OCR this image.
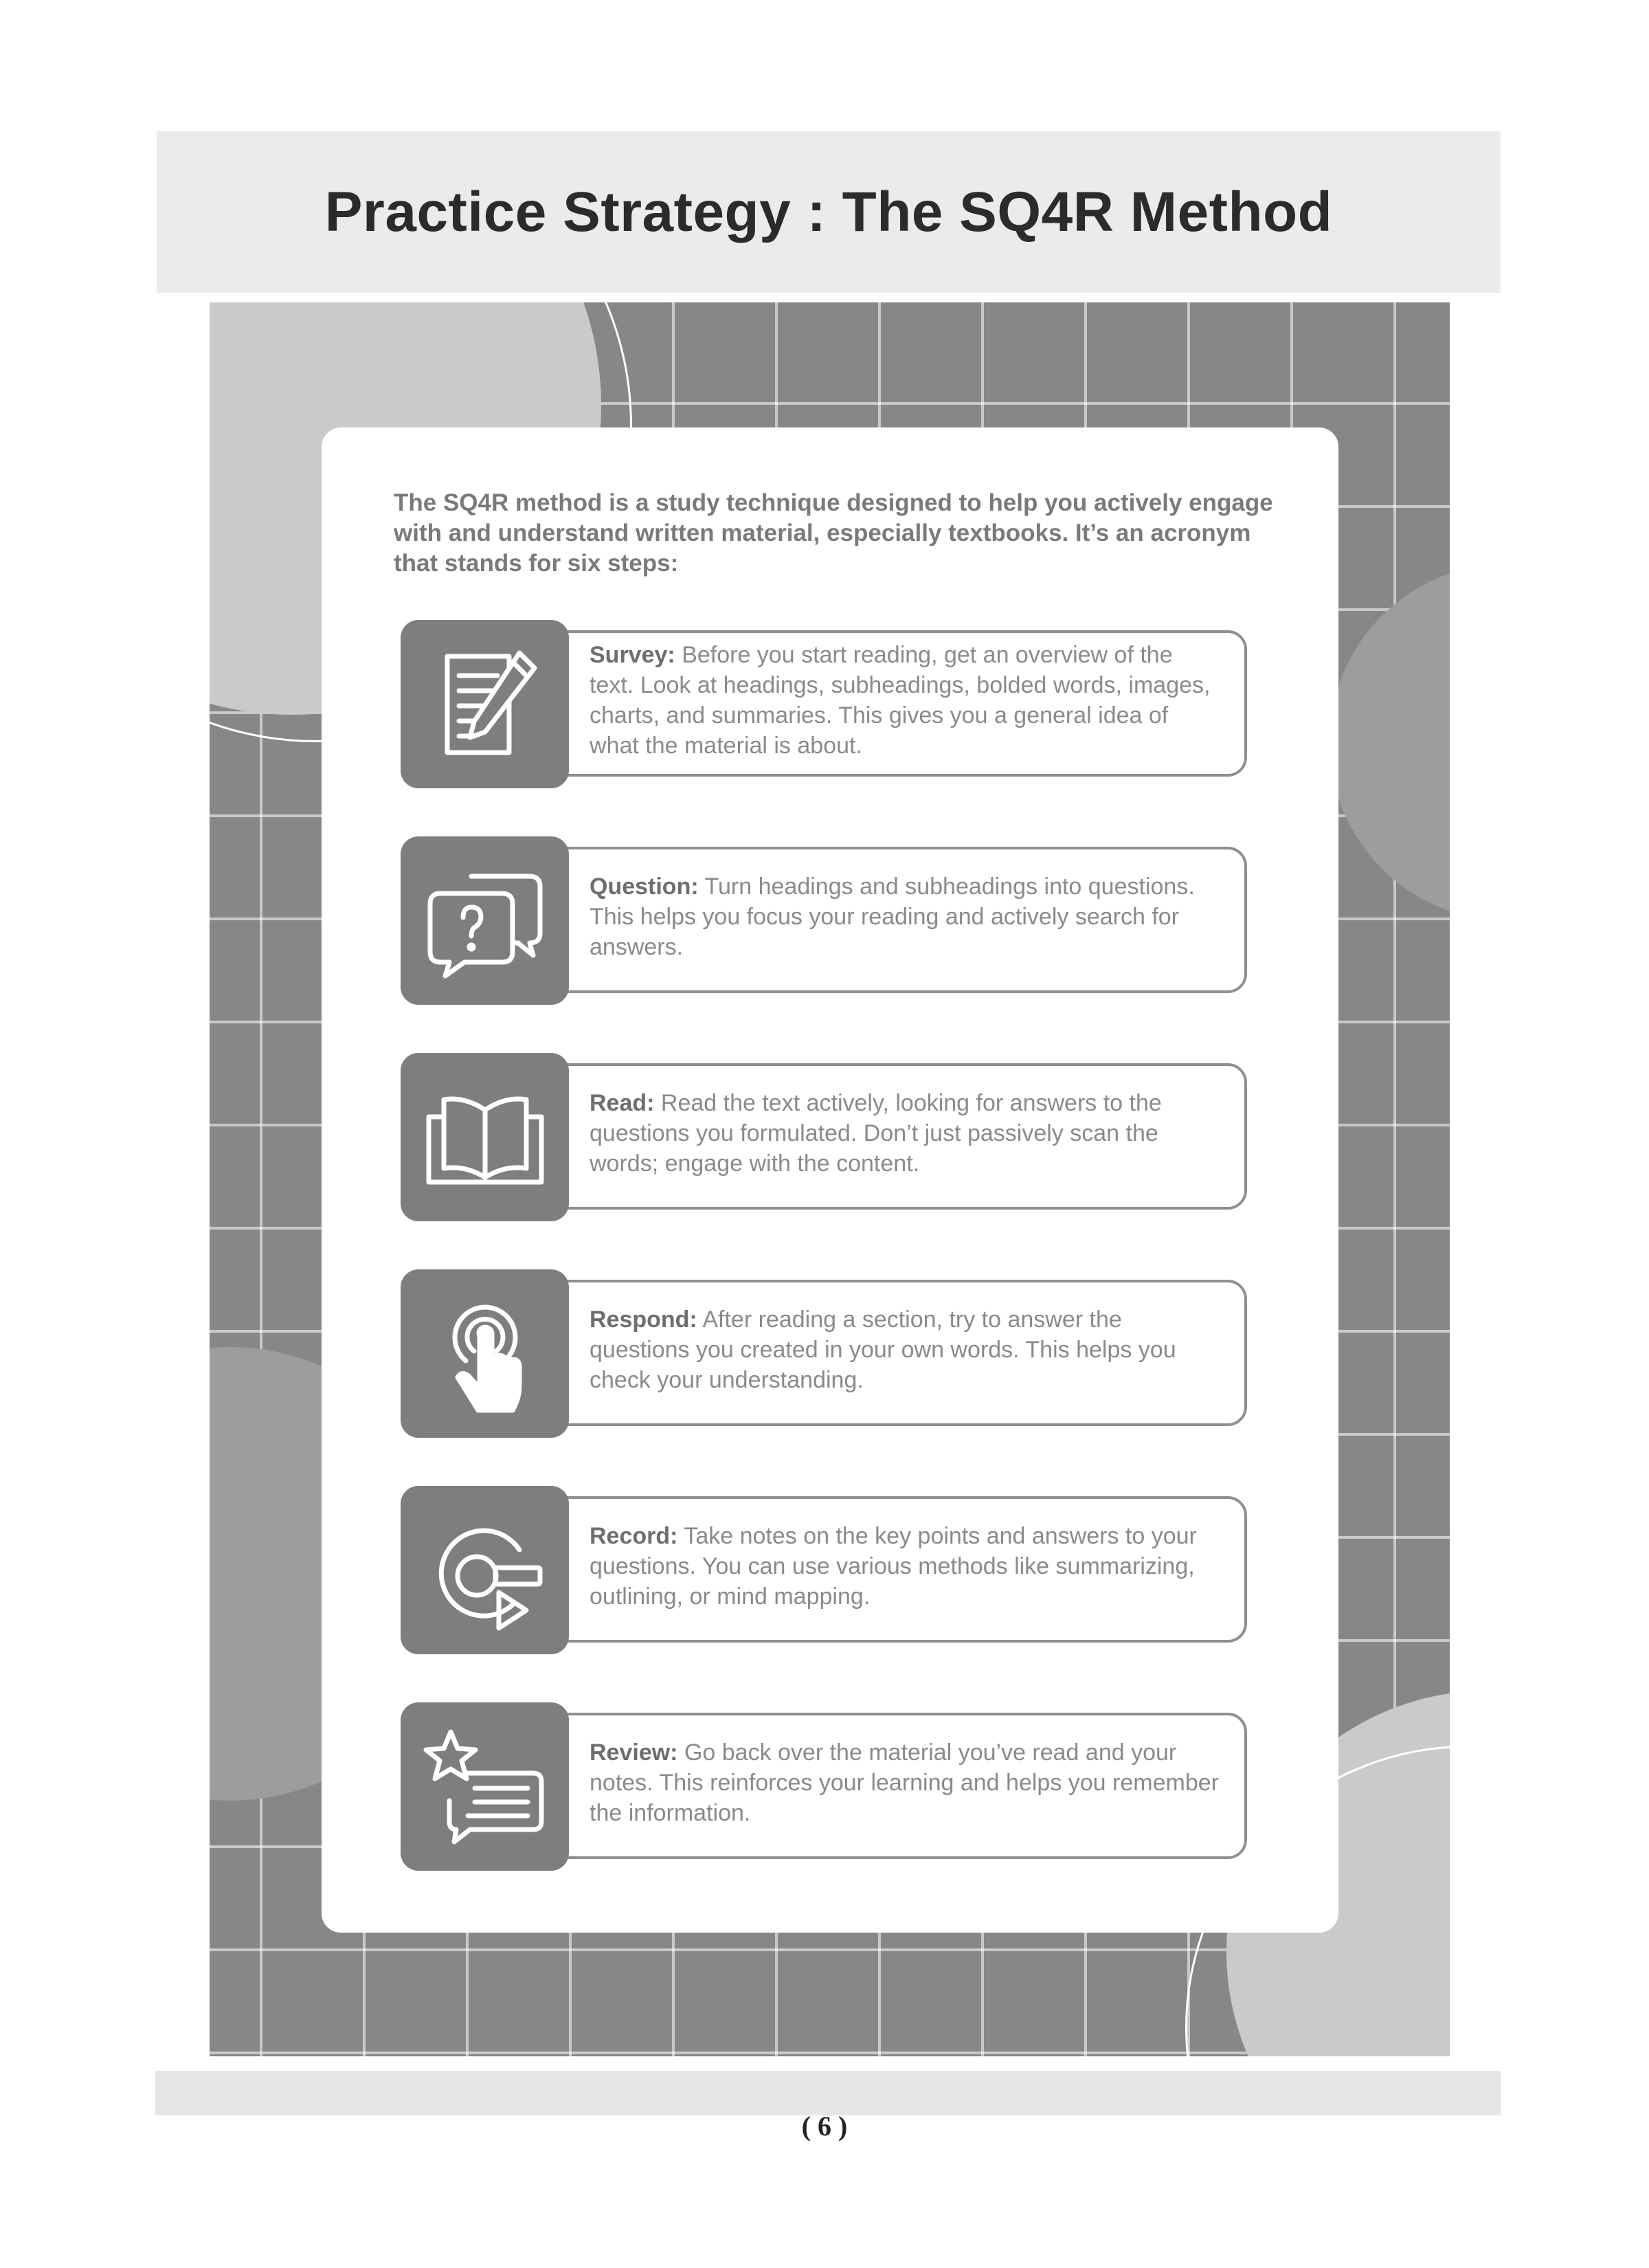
Practice Strategy : The SQ4R Method

The SQ4R method is a study technique designed to help you actively engage with and understand written material, especially textbooks. It’s an acronym that stands for six steps:

Survey: Before you start reading, get an overview of the text. Look at headings, subheadings, bolded words, images, charts, and summaries. This gives you a general idea of what the material is about.

Question: Turn headings and subheadings into questions. This helps you focus your reading and actively search for answers.

Read: Read the text actively, looking for answers to the questions you formulated. Don’t just passively scan the words; engage with the content.

Respond: After reading a section, try to answer the questions you created in your own words. This helps you check your understanding.

Record: Take notes on the key points and answers to your questions. You can use various methods like summarizing, outlining, or mind mapping.

Review: Go back over the material you’ve read and your notes. This reinforces your learning and helps you remember the information.

( 6 )
